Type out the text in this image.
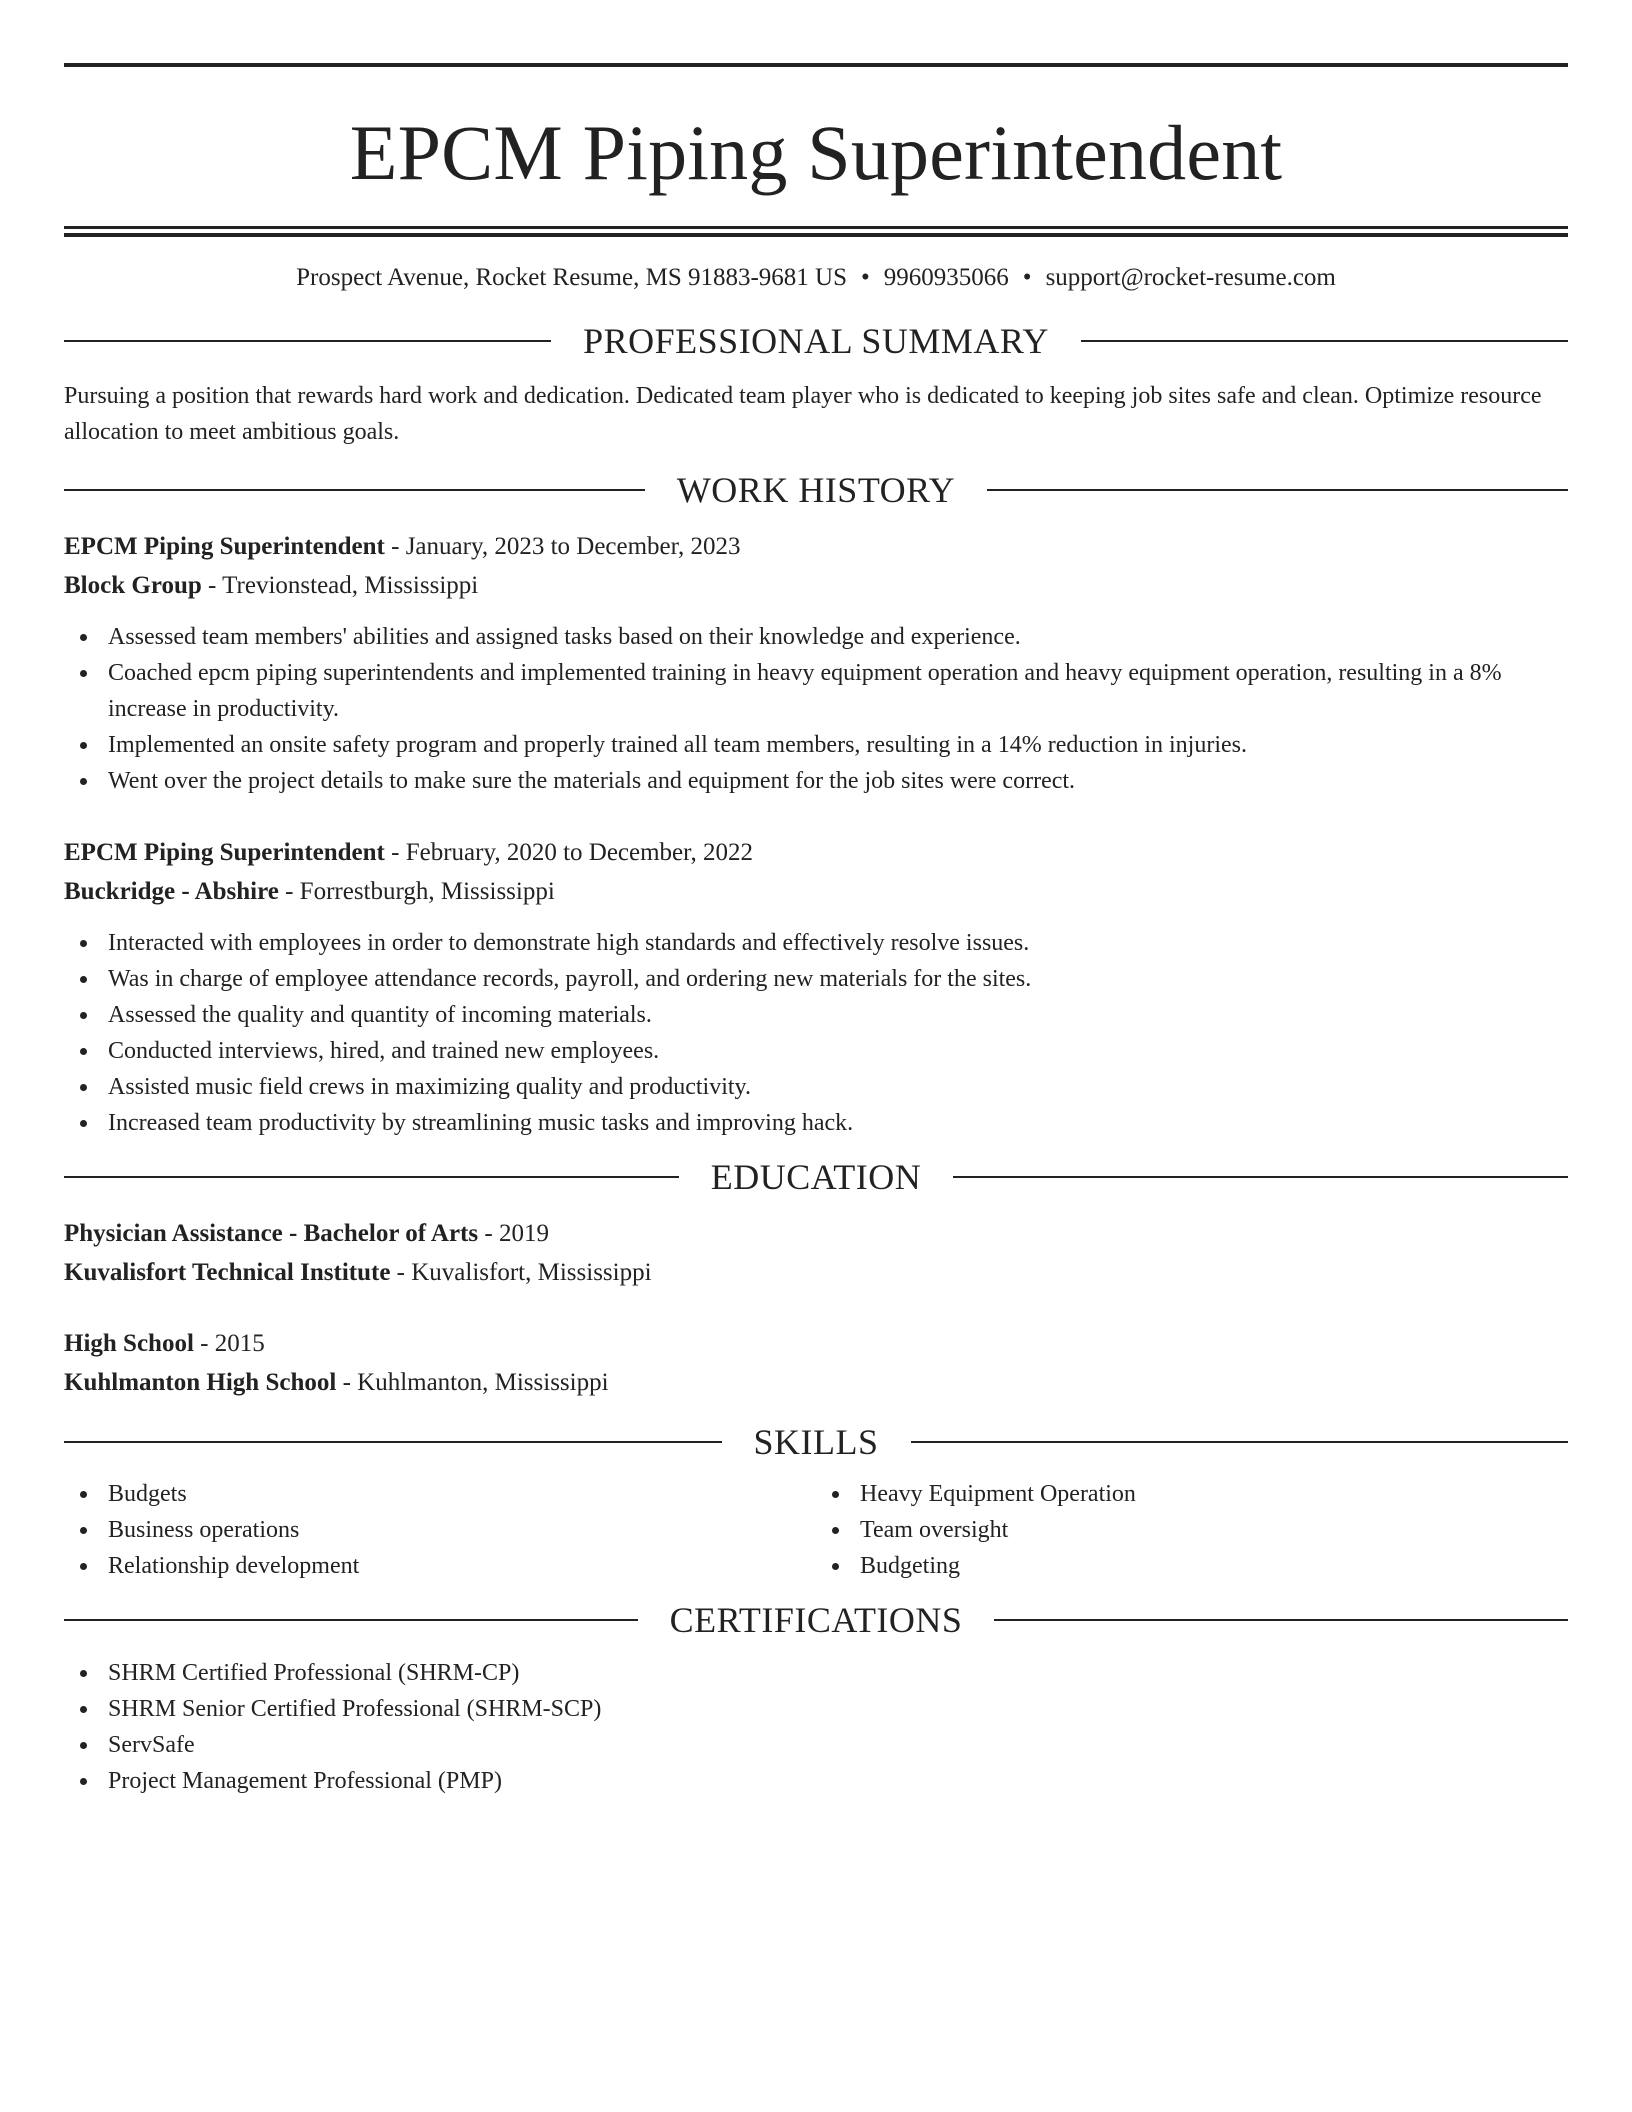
EPCM Piping Superintendent
Prospect Avenue, Rocket Resume, MS 91883-9681 US • 9960935066 • support@rocket-resume.com
PROFESSIONAL SUMMARY

Pursuing a position that rewards hard work and dedication. Dedicated team player who is dedicated to keeping job sites safe and clean. Optimize resource allocation to meet ambitious goals.

WORK HISTORY
EPCM Piping Superintendent - January, 2023 to December, 2023
Block Group - Trevionstead, Mississippi
Assessed team members' abilities and assigned tasks based on their knowledge and experience.
Coached epcm piping superintendents and implemented training in heavy equipment operation and heavy equipment operation, resulting in a 8% increase in productivity.
Implemented an onsite safety program and properly trained all team members, resulting in a 14% reduction in injuries.
Went over the project details to make sure the materials and equipment for the job sites were correct.
EPCM Piping Superintendent - February, 2020 to December, 2022
Buckridge - Abshire - Forrestburgh, Mississippi
Interacted with employees in order to demonstrate high standards and effectively resolve issues.
Was in charge of employee attendance records, payroll, and ordering new materials for the sites.
Assessed the quality and quantity of incoming materials.
Conducted interviews, hired, and trained new employees.
Assisted music field crews in maximizing quality and productivity.
Increased team productivity by streamlining music tasks and improving hack.
EDUCATION
Physician Assistance - Bachelor of Arts - 2019
Kuvalisfort Technical Institute - Kuvalisfort, Mississippi
High School - 2015
Kuhlmanton High School - Kuhlmanton, Mississippi
SKILLS
Budgets
Business operations
Relationship development
Heavy Equipment Operation
Team oversight
Budgeting
CERTIFICATIONS
SHRM Certified Professional (SHRM-CP)
SHRM Senior Certified Professional (SHRM-SCP)
ServSafe
Project Management Professional (PMP)
